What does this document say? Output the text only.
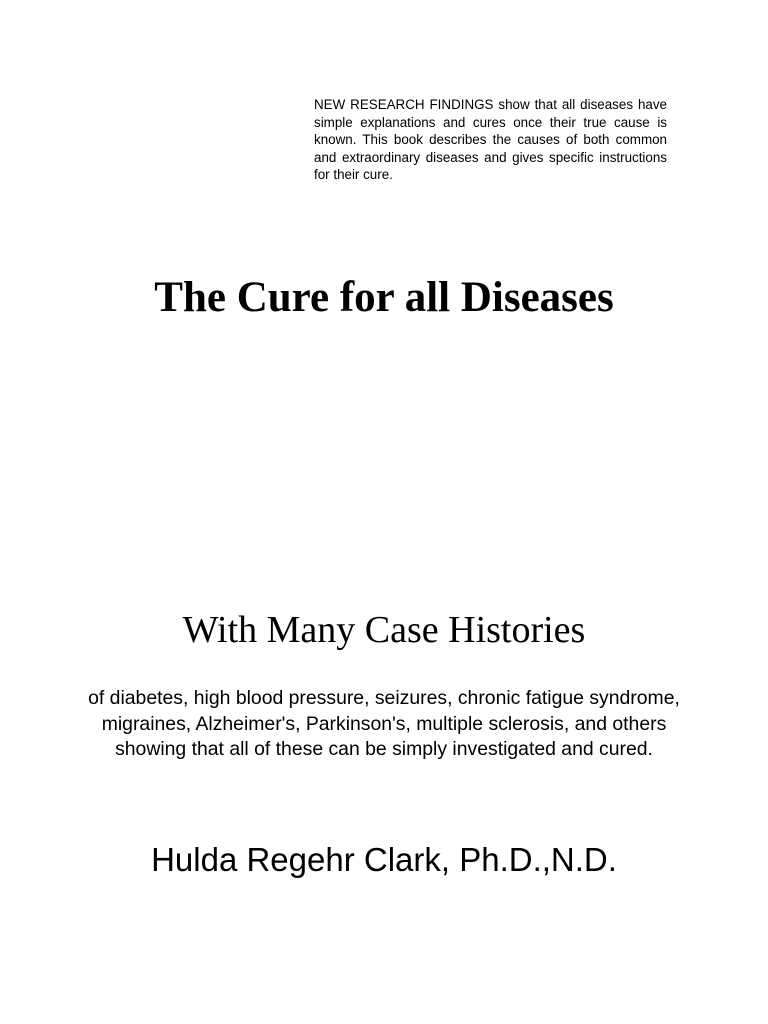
NEW RESEARCH FINDINGS show that all diseases have simple explanations and cures once their true cause is known. This book describes the causes of both common and extraordinary diseases and gives specific instructions for their cure.

The Cure for all Diseases
With Many Case Histories

of diabetes, high blood pressure, seizures, chronic fatigue syndrome, migraines, Alzheimer's, Parkinson's, multiple sclerosis, and others showing that all of these can be simply investigated and cured.

Hulda Regehr Clark, Ph.D.,N.D.
